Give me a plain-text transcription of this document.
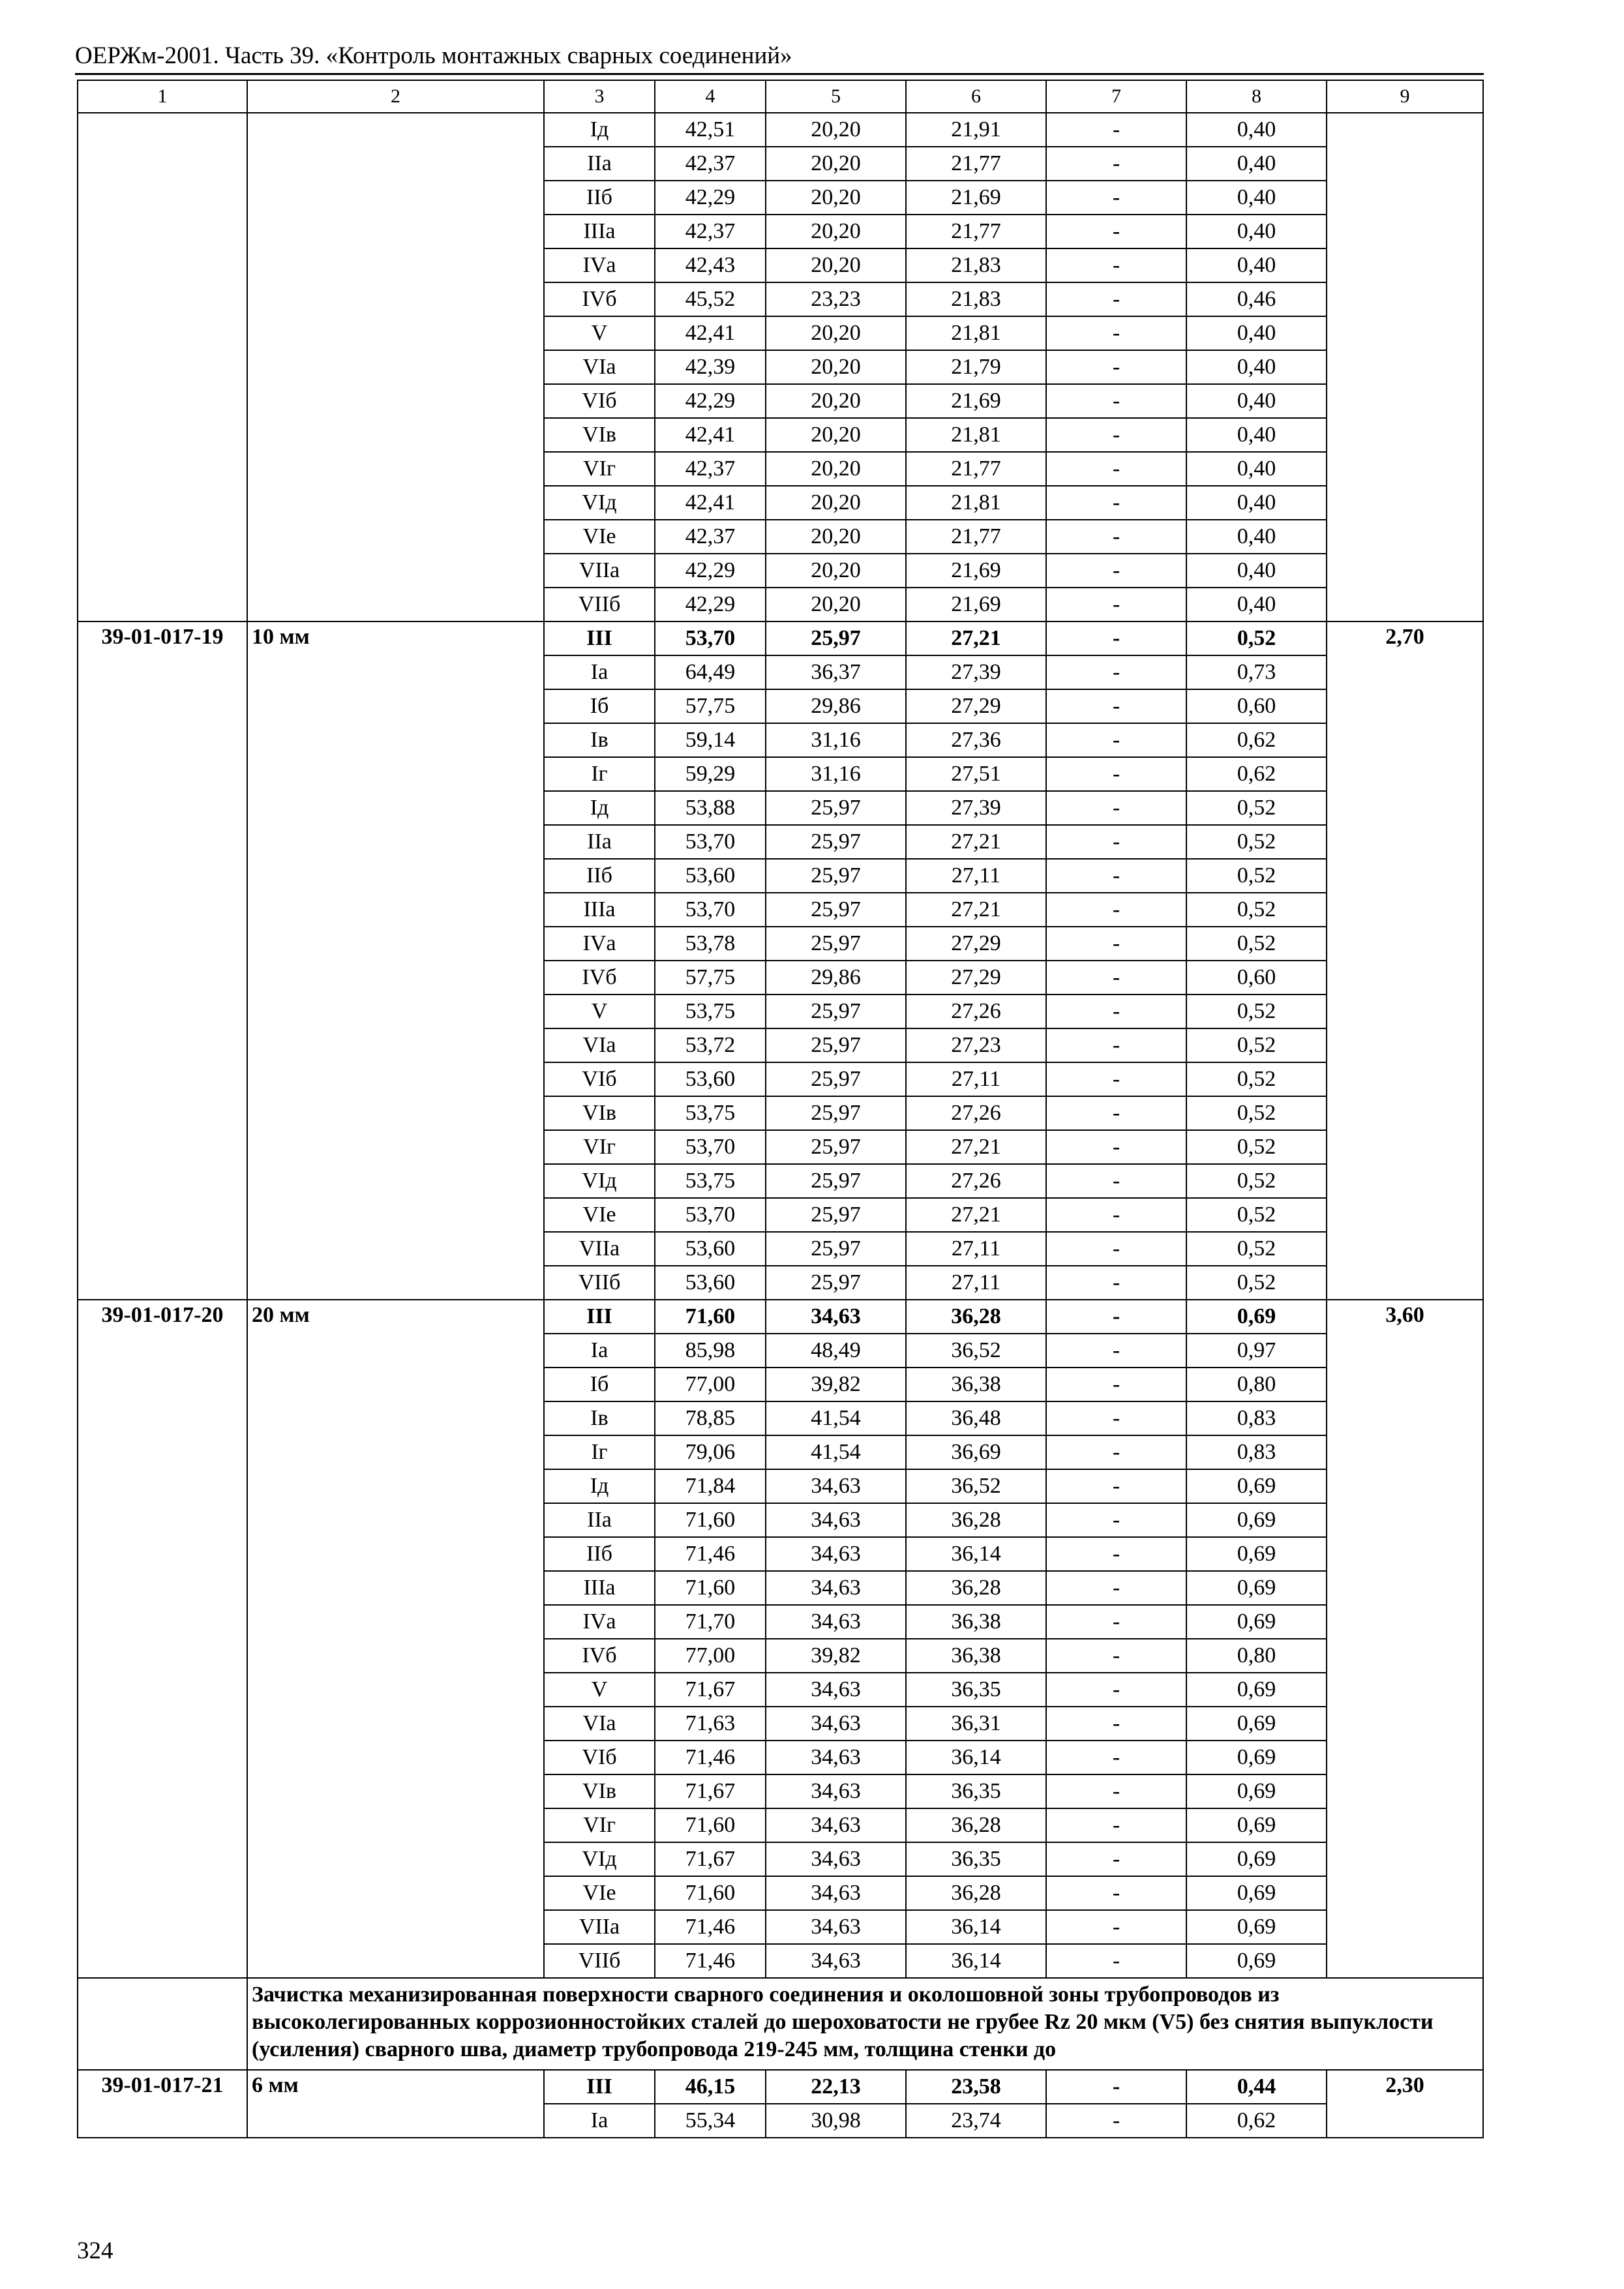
ОЕРЖм-2001. Часть 39. «Контроль монтажных сварных соединений»
1	2	3	4	5	6	7	8	9
		Iд	42,51	20,20	21,91	-	0,40	
		IIа	42,37	20,20	21,77	-	0,40	
		IIб	42,29	20,20	21,69	-	0,40	
		IIIа	42,37	20,20	21,77	-	0,40	
		IVа	42,43	20,20	21,83	-	0,40	
		IVб	45,52	23,23	21,83	-	0,46	
		V	42,41	20,20	21,81	-	0,40	
		VIа	42,39	20,20	21,79	-	0,40	
		VIб	42,29	20,20	21,69	-	0,40	
		VIв	42,41	20,20	21,81	-	0,40	
		VIг	42,37	20,20	21,77	-	0,40	
		VIд	42,41	20,20	21,81	-	0,40	
		VIе	42,37	20,20	21,77	-	0,40	
		VIIа	42,29	20,20	21,69	-	0,40	
		VIIб	42,29	20,20	21,69	-	0,40	
39-01-017-19	10 мм	III	53,70	25,97	27,21	-	0,52	2,70
		Iа	64,49	36,37	27,39	-	0,73	
		Iб	57,75	29,86	27,29	-	0,60	
		Iв	59,14	31,16	27,36	-	0,62	
		Iг	59,29	31,16	27,51	-	0,62	
		Iд	53,88	25,97	27,39	-	0,52	
		IIа	53,70	25,97	27,21	-	0,52	
		IIб	53,60	25,97	27,11	-	0,52	
		IIIа	53,70	25,97	27,21	-	0,52	
		IVа	53,78	25,97	27,29	-	0,52	
		IVб	57,75	29,86	27,29	-	0,60	
		V	53,75	25,97	27,26	-	0,52	
		VIа	53,72	25,97	27,23	-	0,52	
		VIб	53,60	25,97	27,11	-	0,52	
		VIв	53,75	25,97	27,26	-	0,52	
		VIг	53,70	25,97	27,21	-	0,52	
		VIд	53,75	25,97	27,26	-	0,52	
		VIе	53,70	25,97	27,21	-	0,52	
		VIIа	53,60	25,97	27,11	-	0,52	
		VIIб	53,60	25,97	27,11	-	0,52	
39-01-017-20	20 мм	III	71,60	34,63	36,28	-	0,69	3,60
		Iа	85,98	48,49	36,52	-	0,97	
		Iб	77,00	39,82	36,38	-	0,80	
		Iв	78,85	41,54	36,48	-	0,83	
		Iг	79,06	41,54	36,69	-	0,83	
		Iд	71,84	34,63	36,52	-	0,69	
		IIа	71,60	34,63	36,28	-	0,69	
		IIб	71,46	34,63	36,14	-	0,69	
		IIIа	71,60	34,63	36,28	-	0,69	
		IVа	71,70	34,63	36,38	-	0,69	
		IVб	77,00	39,82	36,38	-	0,80	
		V	71,67	34,63	36,35	-	0,69	
		VIа	71,63	34,63	36,31	-	0,69	
		VIб	71,46	34,63	36,14	-	0,69	
		VIв	71,67	34,63	36,35	-	0,69	
		VIг	71,60	34,63	36,28	-	0,69	
		VIд	71,67	34,63	36,35	-	0,69	
		VIе	71,60	34,63	36,28	-	0,69	
		VIIа	71,46	34,63	36,14	-	0,69	
		VIIб	71,46	34,63	36,14	-	0,69	

	Зачистка механизированная поверхности сварного соединения и околошовной зоны трубопроводов из высоколегированных коррозионностойких сталей до шероховатости не грубее Rz 20 мкм (V5) без снятия выпуклости (усиления) сварного шва, диаметр трубопровода 219-245 мм, толщина стенки до							

39-01-017-21	6 мм	III	46,15	22,13	23,58	-	0,44	2,30
		Iа	55,34	30,98	23,74	-	0,62	
324
